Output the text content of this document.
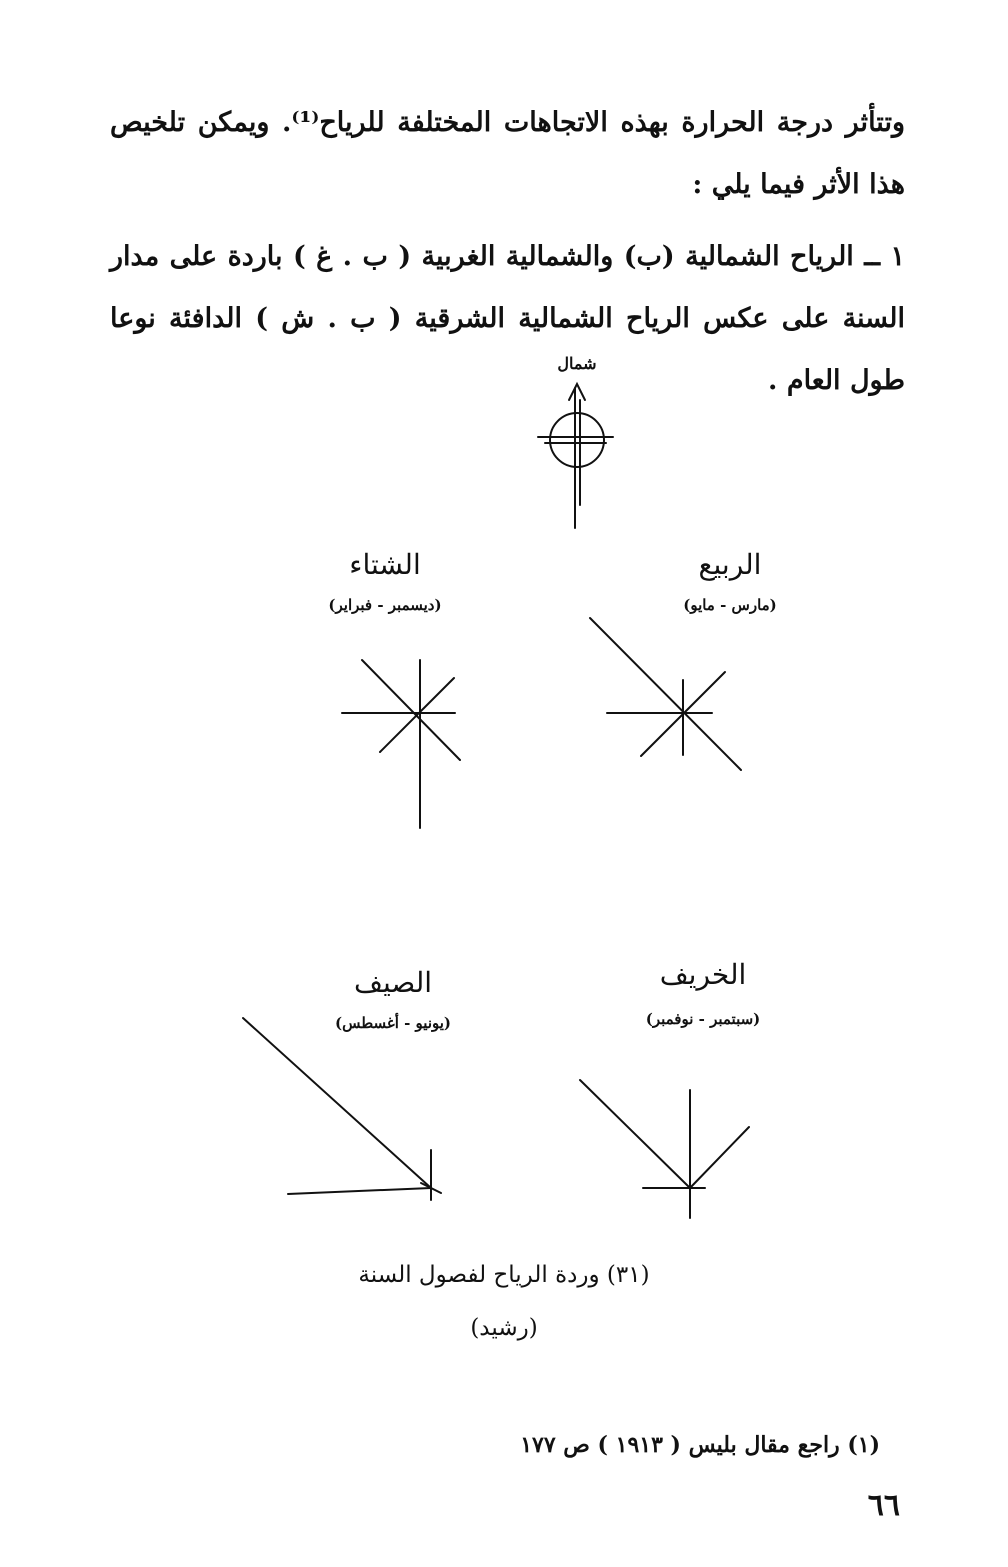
وتتأثر درجة الحرارة بهذه الاتجاهات المختلفة للرياح⁽¹⁾. ويمكن تلخيص هذا الأثر فيما يلي :
١ ــ الرياح الشمالية (ب) والشمالية الغربية ( ب . غ ) باردة على مدار السنة على عكس الرياح الشمالية الشرقية ( ب . ش ) الدافئة نوعا طول العام .
شمال
الشتاء
(ديسمبر - فبراير)
الربيع
(مارس - مايو)
الصيف
(يونيو - أغسطس)
الخريف
(سبتمبر - نوفمبر)
(٣١) وردة الرياح لفصول السنة
(رشيد)
(١) راجع مقال بليس ( ١٩١٣ ) ص ١٧٧
٦٦
